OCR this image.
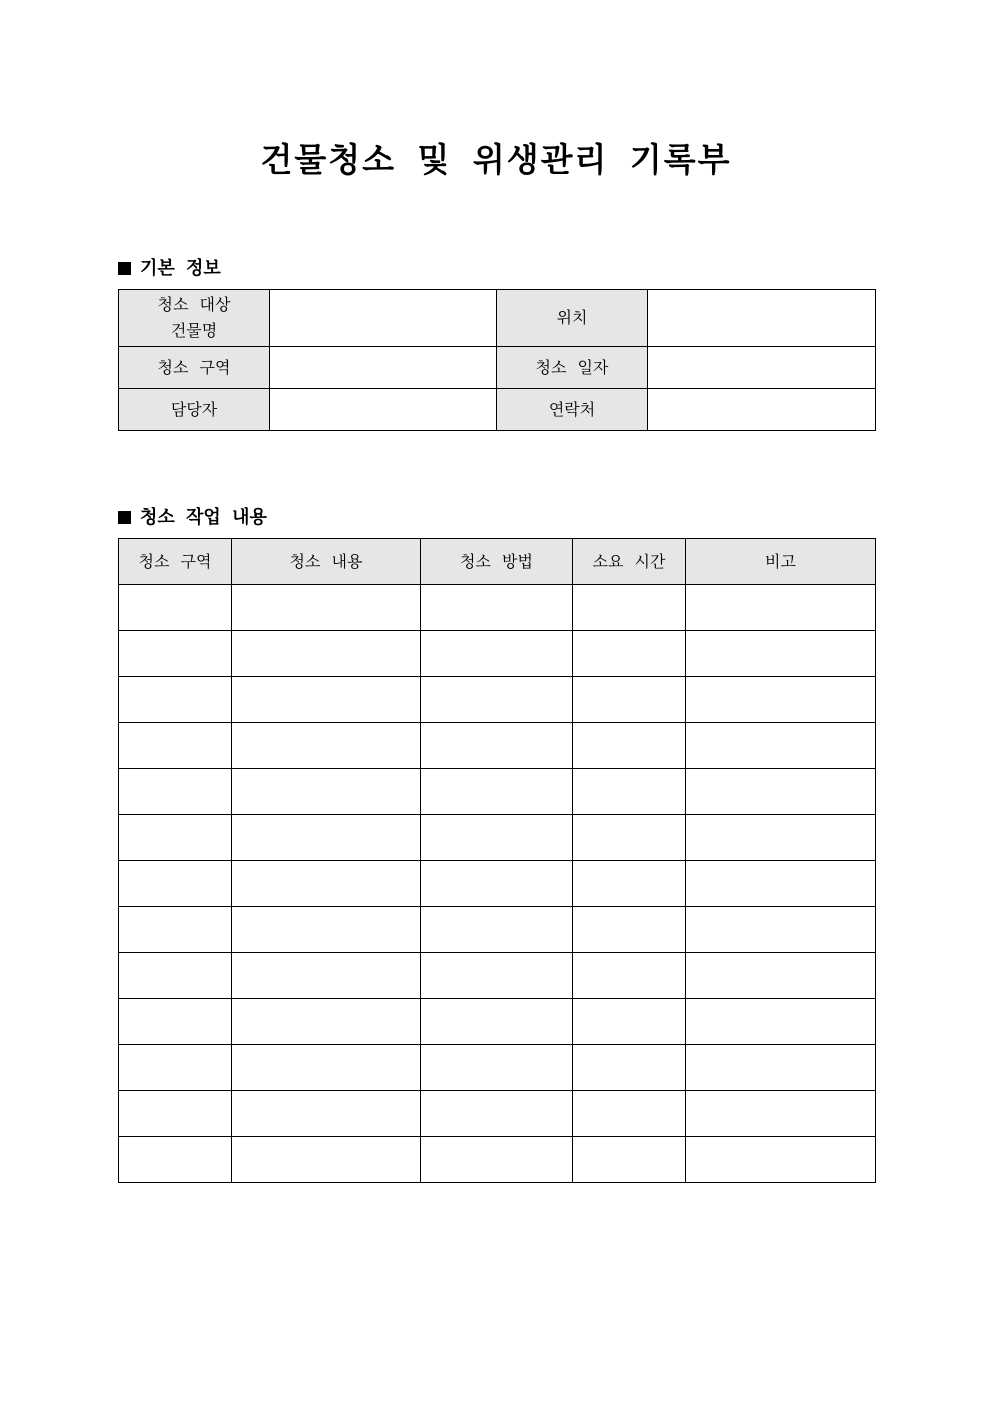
건물청소 및 위생관리 기록부
기본 정보
청소 대상
건물명		위치	
청소 구역		청소 일자	
담당자		연락처	
청소 작업 내용
청소 구역	청소 내용	청소 방법	소요 시간	비고
